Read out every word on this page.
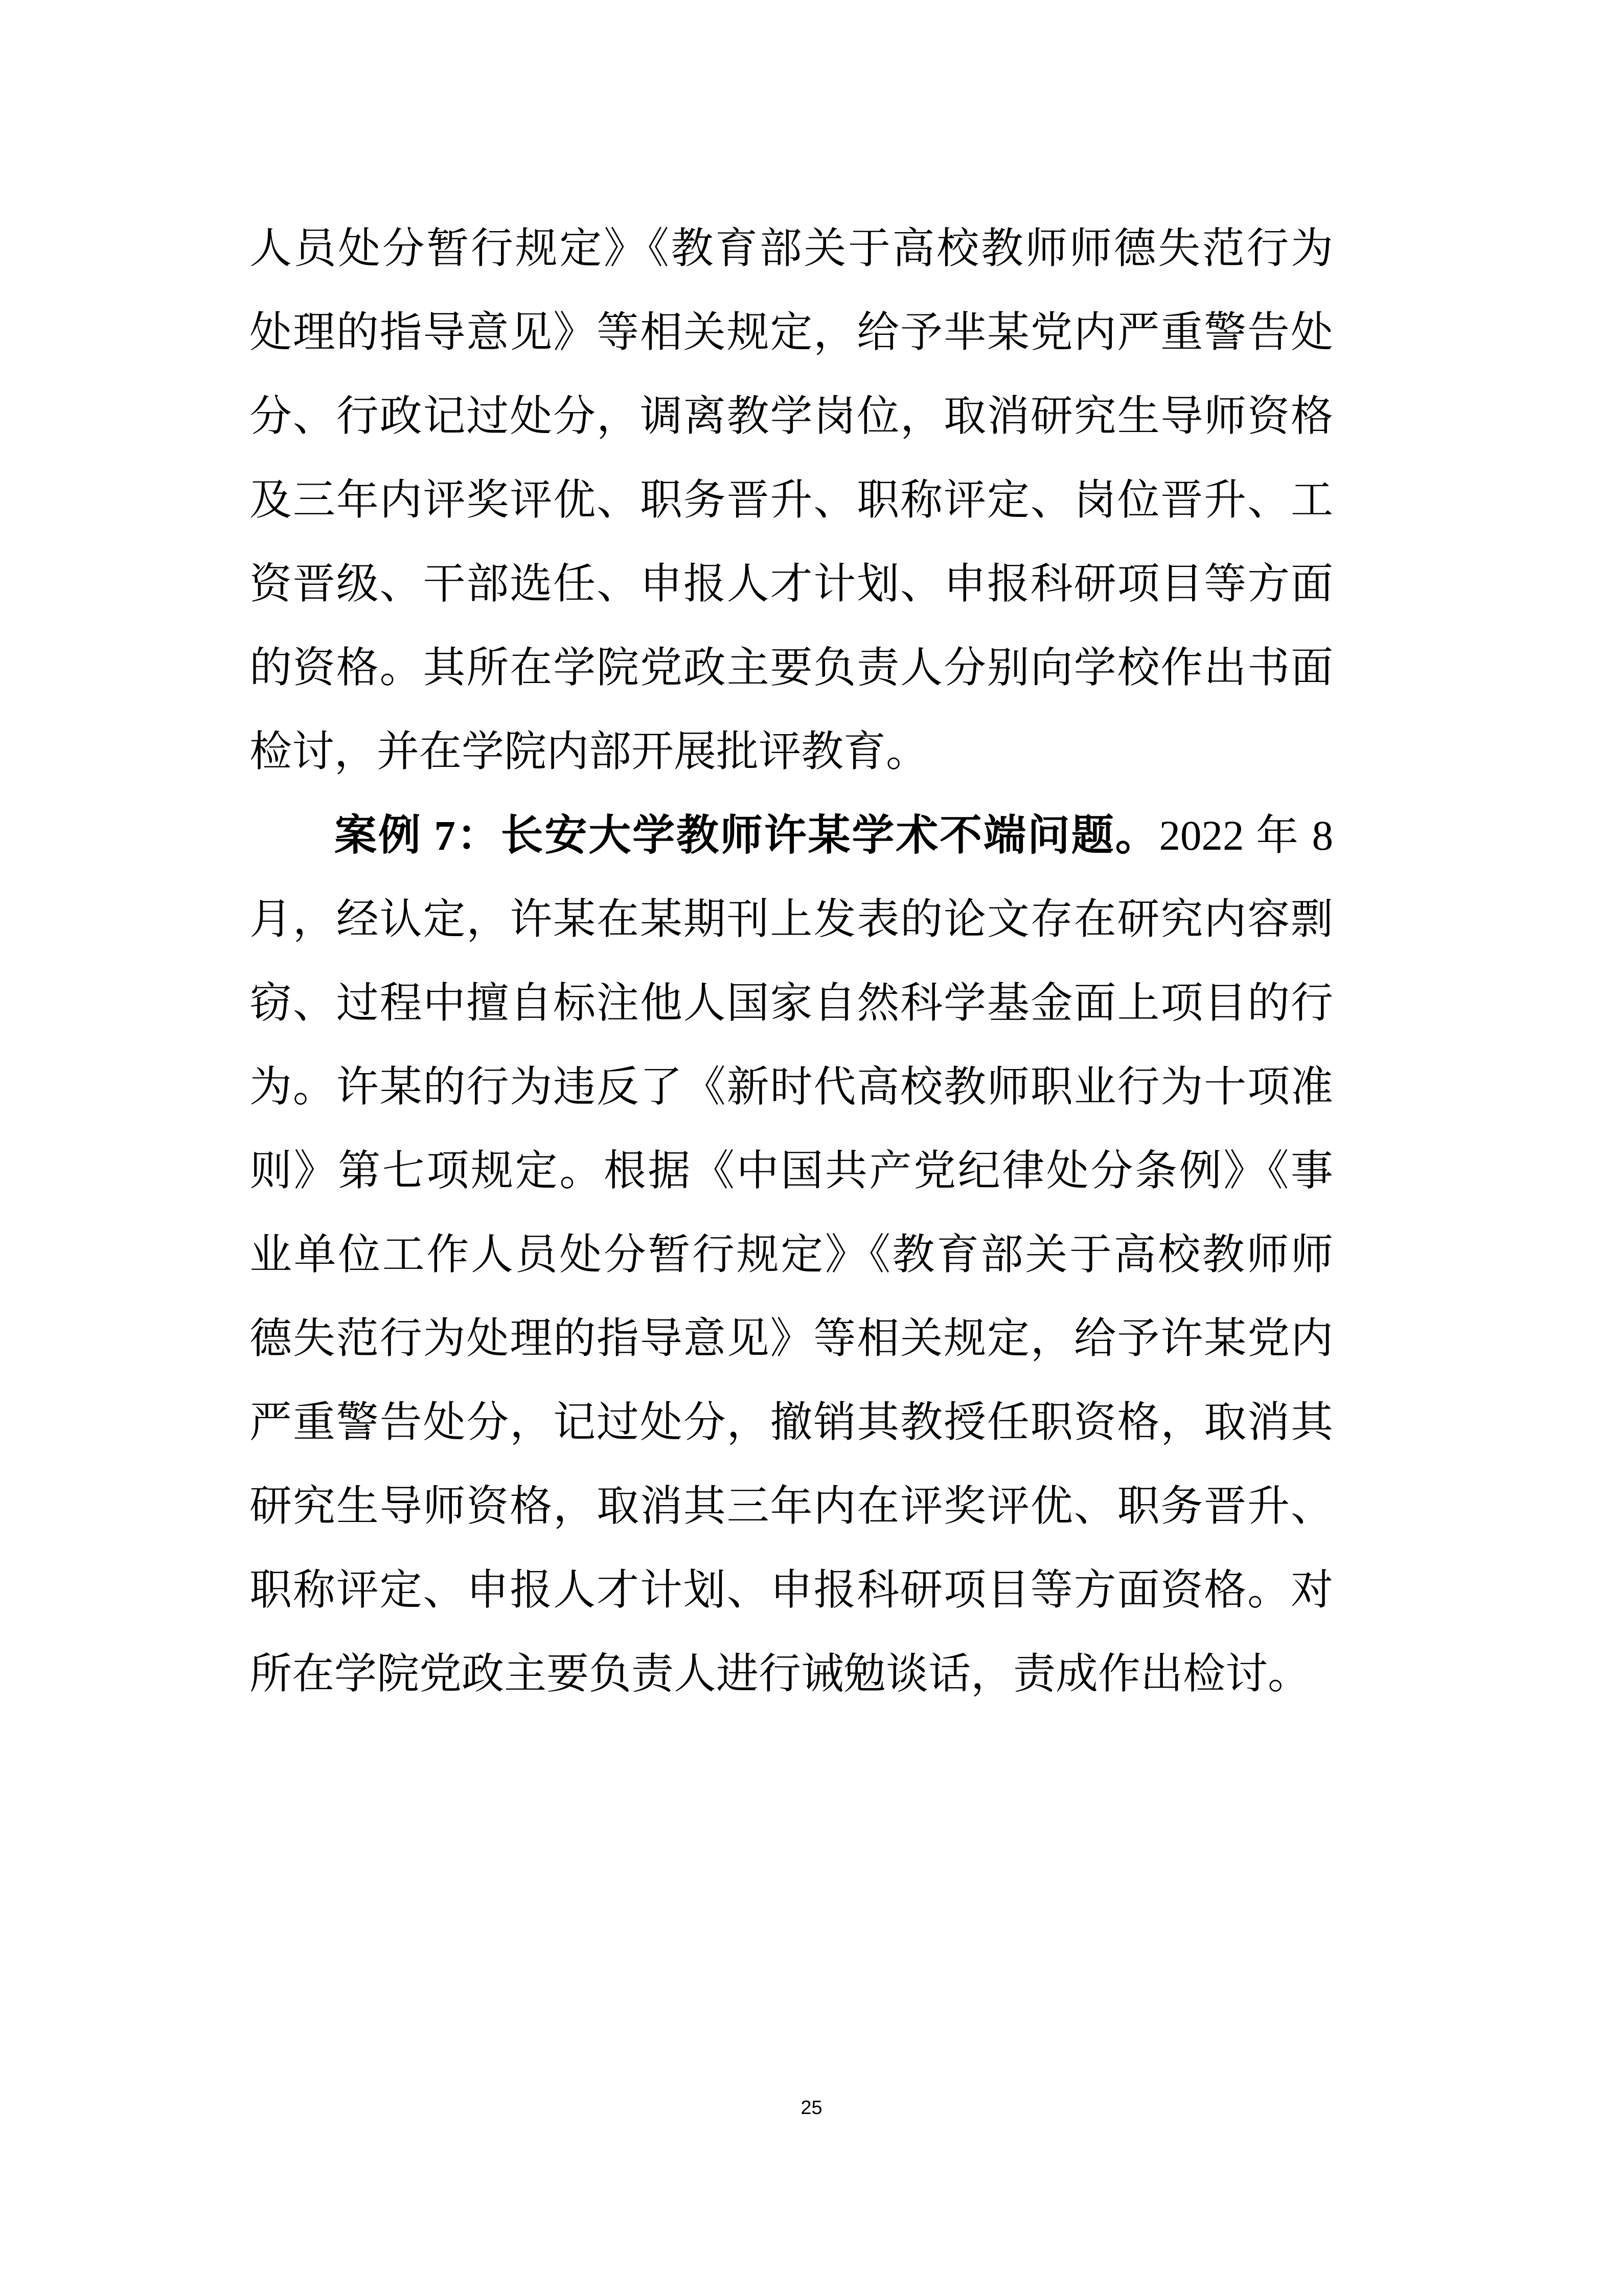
人员处分暂行规定》《教育部关于高校教师师德失范行为
处理的指导意见》等相关规定，给予芈某党内严重警告处
分、行政记过处分，调离教学岗位，取消研究生导师资格
及三年内评奖评优、职务晋升、职称评定、岗位晋升、工
资晋级、干部选任、申报人才计划、申报科研项目等方面
的资格。其所在学院党政主要负责人分别向学校作出书面
检讨，并在学院内部开展批评教育。
案例 7：长安大学教师许某学术不端问题。2022 年 8
月，经认定，许某在某期刊上发表的论文存在研究内容剽
窃、过程中擅自标注他人国家自然科学基金面上项目的行
为。许某的行为违反了《新时代高校教师职业行为十项准
则》第七项规定。根据《中国共产党纪律处分条例》《事
业单位工作人员处分暂行规定》《教育部关于高校教师师
德失范行为处理的指导意见》等相关规定，给予许某党内
严重警告处分，记过处分，撤销其教授任职资格，取消其
研究生导师资格，取消其三年内在评奖评优、职务晋升、
职称评定、申报人才计划、申报科研项目等方面资格。对
所在学院党政主要负责人进行诫勉谈话，责成作出检讨。
25
